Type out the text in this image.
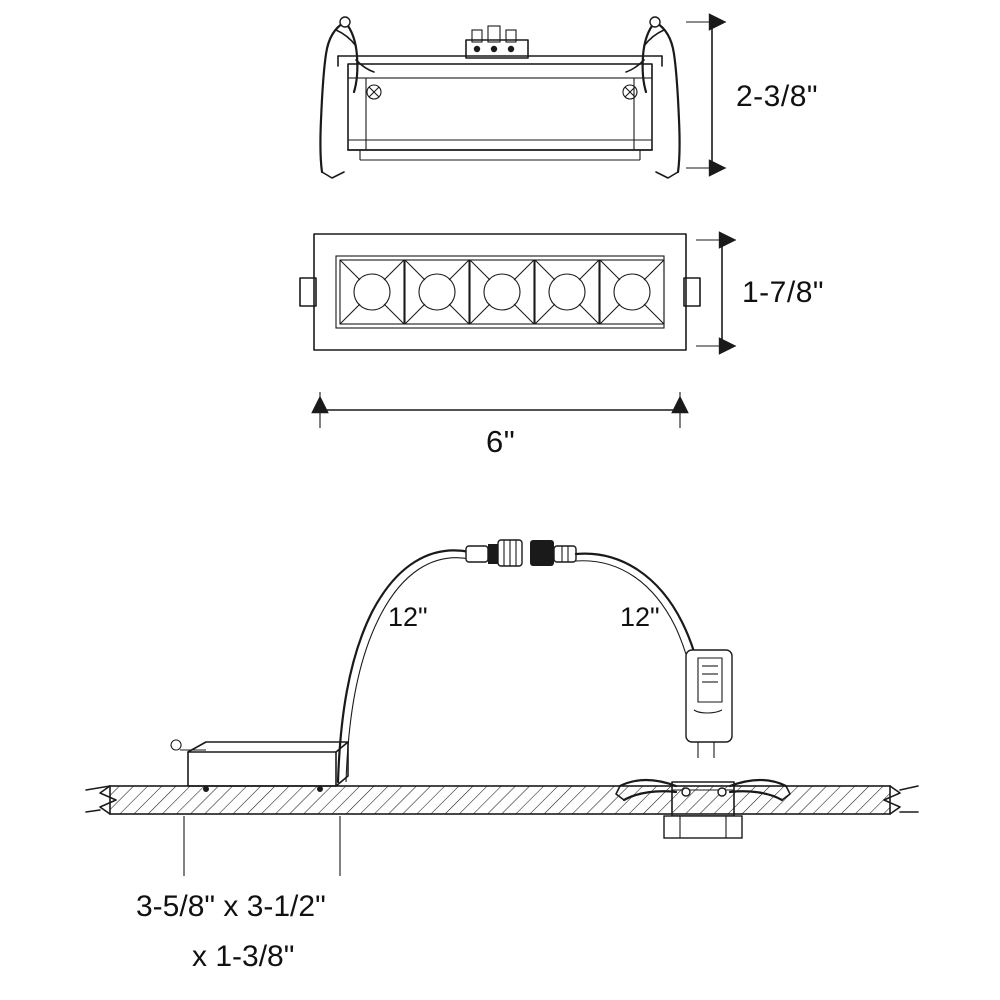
2-3/8"
1-7/8"
6"
12"	12"
3-5/8" x 3-1/2"
x 1-3/8"
